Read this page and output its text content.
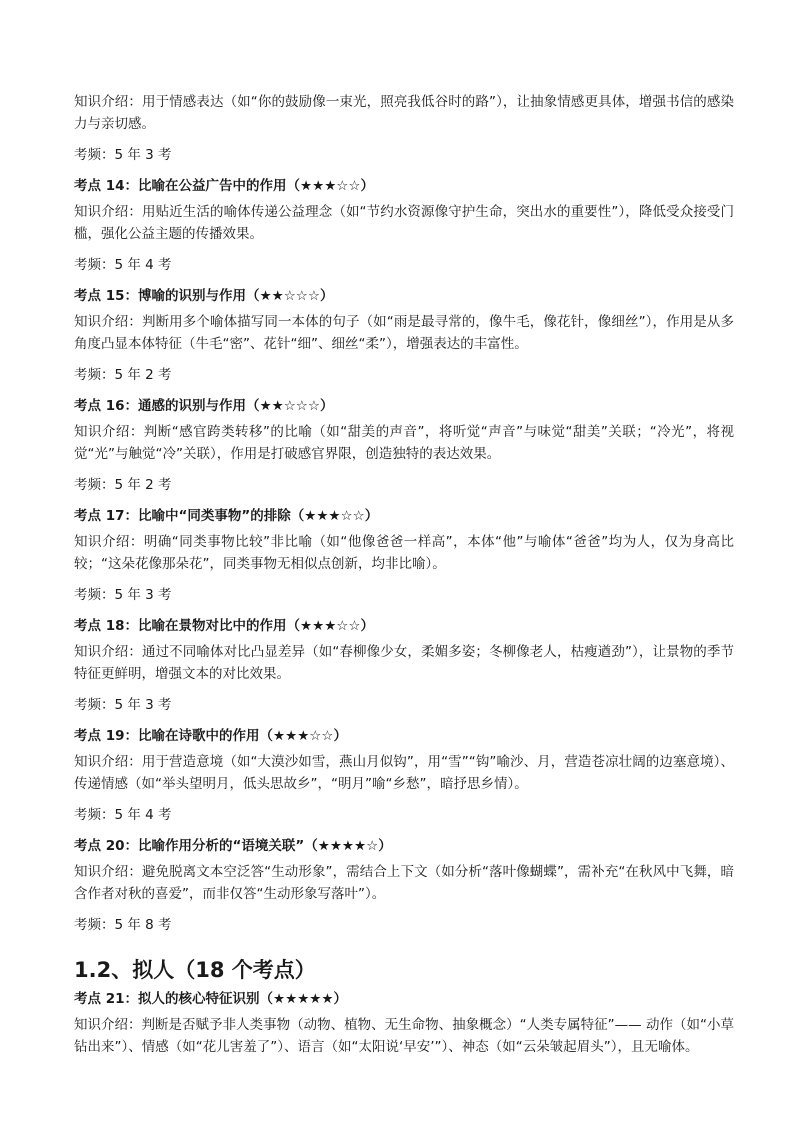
知识介绍：用于情感表达（如“你的鼓励像一束光，照亮我低谷时的路”），让抽象情感更具体，增强书信的感染力与亲切感。

考频：5 年 3 考

考点 14：比喻在公益广告中的作用（★★★☆☆）

知识介绍：用贴近生活的喻体传递公益理念（如“节约水资源像守护生命，突出水的重要性”），降低受众接受门槛，强化公益主题的传播效果。

考频：5 年 4 考

考点 15：博喻的识别与作用（★★☆☆☆）

知识介绍：判断用多个喻体描写同一本体的句子（如“雨是最寻常的，像牛毛，像花针，像细丝”），作用是从多角度凸显本体特征（牛毛“密”、花针“细”、细丝“柔”），增强表达的丰富性。

考频：5 年 2 考

考点 16：通感的识别与作用（★★☆☆☆）

知识介绍：判断“感官跨类转移”的比喻（如“甜美的声音”，将听觉“声音”与味觉“甜美”关联；“冷光”，将视觉“光”与触觉“冷”关联），作用是打破感官界限，创造独特的表达效果。

考频：5 年 2 考

考点 17：比喻中“同类事物”的排除（★★★☆☆）

知识介绍：明确“同类事物比较”非比喻（如“他像爸爸一样高”，本体“他”与喻体“爸爸”均为人，仅为身高比较；“这朵花像那朵花”，同类事物无相似点创新，均非比喻）。

考频：5 年 3 考

考点 18：比喻在景物对比中的作用（★★★☆☆）

知识介绍：通过不同喻体对比凸显差异（如“春柳像少女，柔媚多姿；冬柳像老人，枯瘦遒劲”），让景物的季节特征更鲜明，增强文本的对比效果。

考频：5 年 3 考

考点 19：比喻在诗歌中的作用（★★★☆☆）

知识介绍：用于营造意境（如“大漠沙如雪，燕山月似钩”，用“雪”“钩”喻沙、月，营造苍凉壮阔的边塞意境）、传递情感（如“举头望明月，低头思故乡”，“明月”喻“乡愁”，暗抒思乡情）。

考频：5 年 4 考

考点 20：比喻作用分析的“语境关联”（★★★★☆）

知识介绍：避免脱离文本空泛答“生动形象”，需结合上下文（如分析“落叶像蝴蝶”，需补充“在秋风中飞舞，暗含作者对秋的喜爱”，而非仅答“生动形象写落叶”）。

考频：5 年 8 考

1.2、拟人（18 个考点）

考点 21：拟人的核心特征识别（★★★★★）

知识介绍：判断是否赋予非人类事物（动物、植物、无生命物、抽象概念）“人类专属特征”—— 动作（如“小草钻出来”）、情感（如“花儿害羞了”）、语言（如“太阳说‘早安’”）、神态（如“云朵皱起眉头”），且无喻体。
